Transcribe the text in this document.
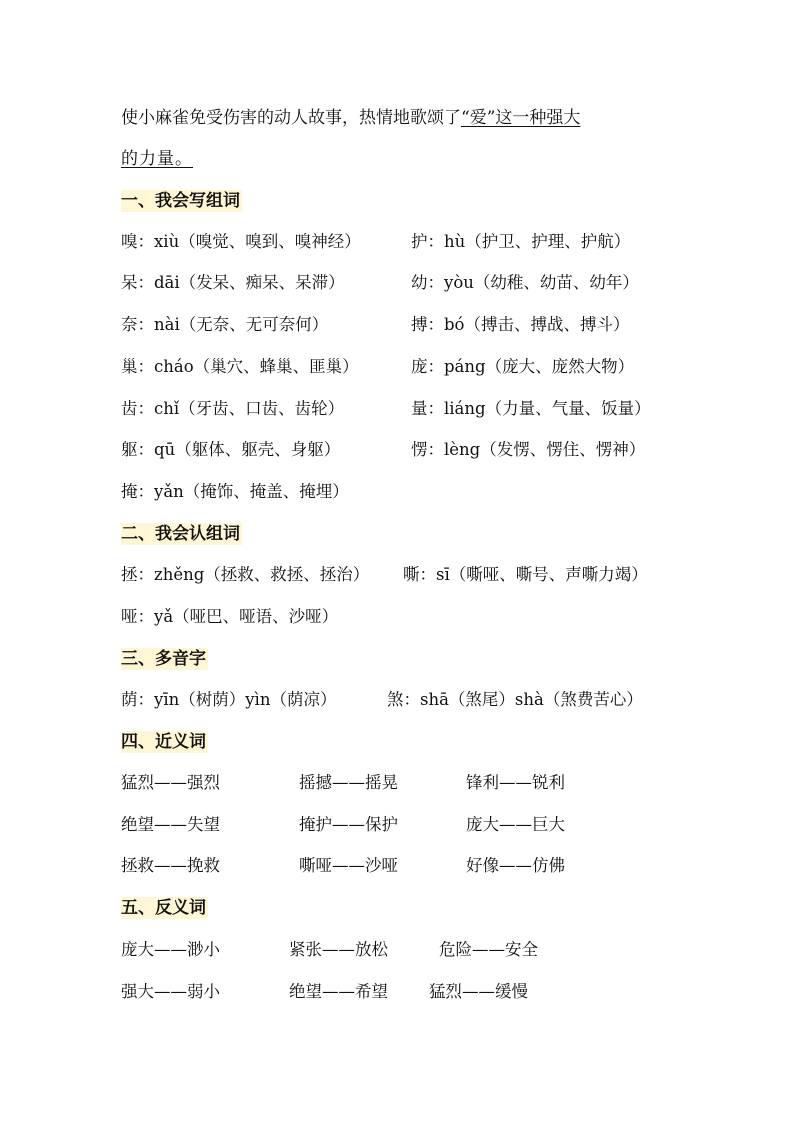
使小麻雀免受伤害的动人故事，热情地歌颂了“爱”这一种强大
的力量。
一、我会写组词
嗅：xiù（嗅觉、嗅到、嗅神经）	护：hù（护卫、护理、护航）
呆：dāi（发呆、痴呆、呆滞）	幼：yòu（幼稚、幼苗、幼年）
奈：nài（无奈、无可奈何）	搏：bó（搏击、搏战、搏斗）
巢：cháo（巢穴、蜂巢、匪巢）	庞：páng（庞大、庞然大物）
齿：chǐ（牙齿、口齿、齿轮）	量：liáng（力量、气量、饭量）
躯：qū（躯体、躯壳、身躯）	愣：lèng（发愣、愣住、愣神）
掩：yǎn（掩饰、掩盖、掩埋）
二、我会认组词
拯：zhěng（拯救、救拯、拯治） 嘶：sī（嘶哑、嘶号、声嘶力竭）
哑：yǎ（哑巴、哑语、沙哑）
三、多音字
荫：yīn（树荫）yìn（荫凉）	煞：shā（煞尾）shà（煞费苦心）
四、近义词
猛烈——强烈	摇撼——摇晃	锋利——锐利
绝望——失望	掩护——保护	庞大——巨大
拯救——挽救	嘶哑——沙哑	好像——仿佛
五、反义词
庞大——渺小	紧张——放松	危险——安全
强大——弱小	绝望——希望 猛烈——缓慢
